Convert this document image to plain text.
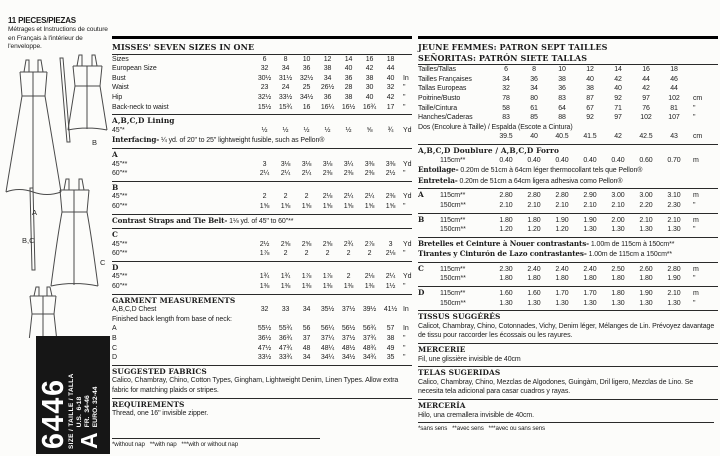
11 PIECES/PIEZAS
Métrages et Instructions de couture en Français à l'intérieur de l'enveloppe.
A
B
B,C
C
6446
SIZE / TAILLE / TALLA A
U.S.  6-18 FR.  34-46 EURO. 32-44
*without nap   **with nap   ***with or without nap
MISSES' SEVEN SIZES IN ONE
Sizes	6	8	10	12	14	16	18
European Size	32	34	36	38	40	42	44
Bust	30½	31½	32½	34	36	38	40	In
Waist	23	24	25	26½	28	30	32	"
Hip	32½	33½	34½	36	38	40	42	"
Back-neck to waist	15½	15¾	16	16¼	16½	16¾	17	"
A,B,C,D Lining
45"*	½	½	½	½	½	⅝	¾	Yd
Interfacing- ¼ yd. of 20" to 25" lightweight fusible, such as Pellon®
A
45"**	3	3⅛	3⅛	3⅛	3¼	3⅜	3⅜	Yd
60"**	2¼	2¼	2¼	2⅜	2⅜	2⅜	2½	"
B
45"**	2	2	2	2⅛	2¼	2¼	2⅜	Yd
60"**	1⅝	1⅝	1⅝	1⅝	1⅝	1⅝	1⅝	"
Contrast Straps and Tie Belt- 1⅛ yd. of 45" to 60"**
C
45"**	2½	2⅝	2⅝	2⅝	2¾	2⅞	3	Yd
60"**	1⅞	2	2	2	2	2	2⅛	"
D
45"**	1¾	1¾	1⅞	1⅞	2	2⅛	2¼	Yd
60"**	1⅜	1⅜	1⅜	1⅜	1⅜	1⅜	1½	"
GARMENT MEASUREMENTS
A,B,C,D Chest	32	33	34	35½	37½	39½	41½ In
Finished back length from base of neck:
A	55½	55¾	56	56¼	56½	56¾	57	In
B	36½	36¾	37	37¼	37½	37¾	38	"
C	47½	47¾	48	48¼	48½	48¾	49	"
D	33½	33¾	34	34¼	34½	34¾	35	"
SUGGESTED FABRICS
Calico, Chambray, Chino, Cotton Types, Gingham, Lightweight Denim, Linen Types. Allow extra fabric for matching plaids or stripes.
REQUIREMENTS
Thread, one 16" invisible zipper.
*sans sens   **avec sens   ***avec ou sans sens
JEUNE FEMMES: PATRON SEPT TAILLES
SEÑORITAS: PATRÓN SIETE TALLAS
Tailles/Tallas	6	8	10	12	14	16	18
Tailles Françaises	34	36	38	40	42	44	46
Tallas Europeas	32	34	36	38	40	42	44
Poitrine/Busto	78	80	83	87	92	97	102	cm
Taille/Cintura	58	61	64	67	71	76	81	"
Hanches/Caderas	83	85	88	92	97	102	107	"
Dos (Encolure à Taille) / Espalda (Escote a Cintura)
39.5	40	40.5	41.5	42	42.5	43	cm
A,B,C,D Doublure / A,B,C,D Forro
115cm**	0.40	0.40	0.40	0.40	0.40	0.60	0.70	m
Entoilage- 0.20m de 51cm à 64cm léger thermocollant tels que Pellon®
Entretela- 0.20m de 51cm a 64cm ligera adhesiva como Pellon®
A 115cm**	2.80	2.80	2.80	2.90	3.00	3.00	3.10	m
150cm**	2.10	2.10	2.10	2.10	2.10	2.20	2.30	"
B 115cm**	1.80	1.80	1.90	1.90	2.00	2.10	2.10	m
150cm**	1.20	1.20	1.20	1.30	1.30	1.30	1.30	"
Bretelles et Ceinture à Nouer contrastants- 1.00m de 115cm à 150cm**
Tirantes y Cinturón de Lazo contrastantes- 1.00m de 115cm a 150cm**
C 115cm**	2.30	2.40	2.40	2.40	2.50	2.60	2.80	m
150cm**	1.80	1.80	1.80	1.80	1.80	1.80	1.90	"
D 115cm**	1.60	1.60	1.70	1.70	1.80	1.90	2.10	m
150cm**	1.30	1.30	1.30	1.30	1.30	1.30	1.30	"
TISSUS SUGGÉRÉS
Calicot, Chambray, Chino, Cotonnades, Vichy, Denim léger, Mélanges de Lin. Prévoyez davantage de tissu pour raccorder les écossais ou les rayures.
MERCERIE
Fil, une glissière invisible de 40cm
TELAS SUGERIDAS
Calico, Chambray, Chino, Mezclas de Algodones, Guingàm, Dril ligero, Mezclas de Lino. Se necesita tela adicional para casar cuadros y rayas.
MERCERÍA
Hilo, una cremallera invisible de 40cm.
